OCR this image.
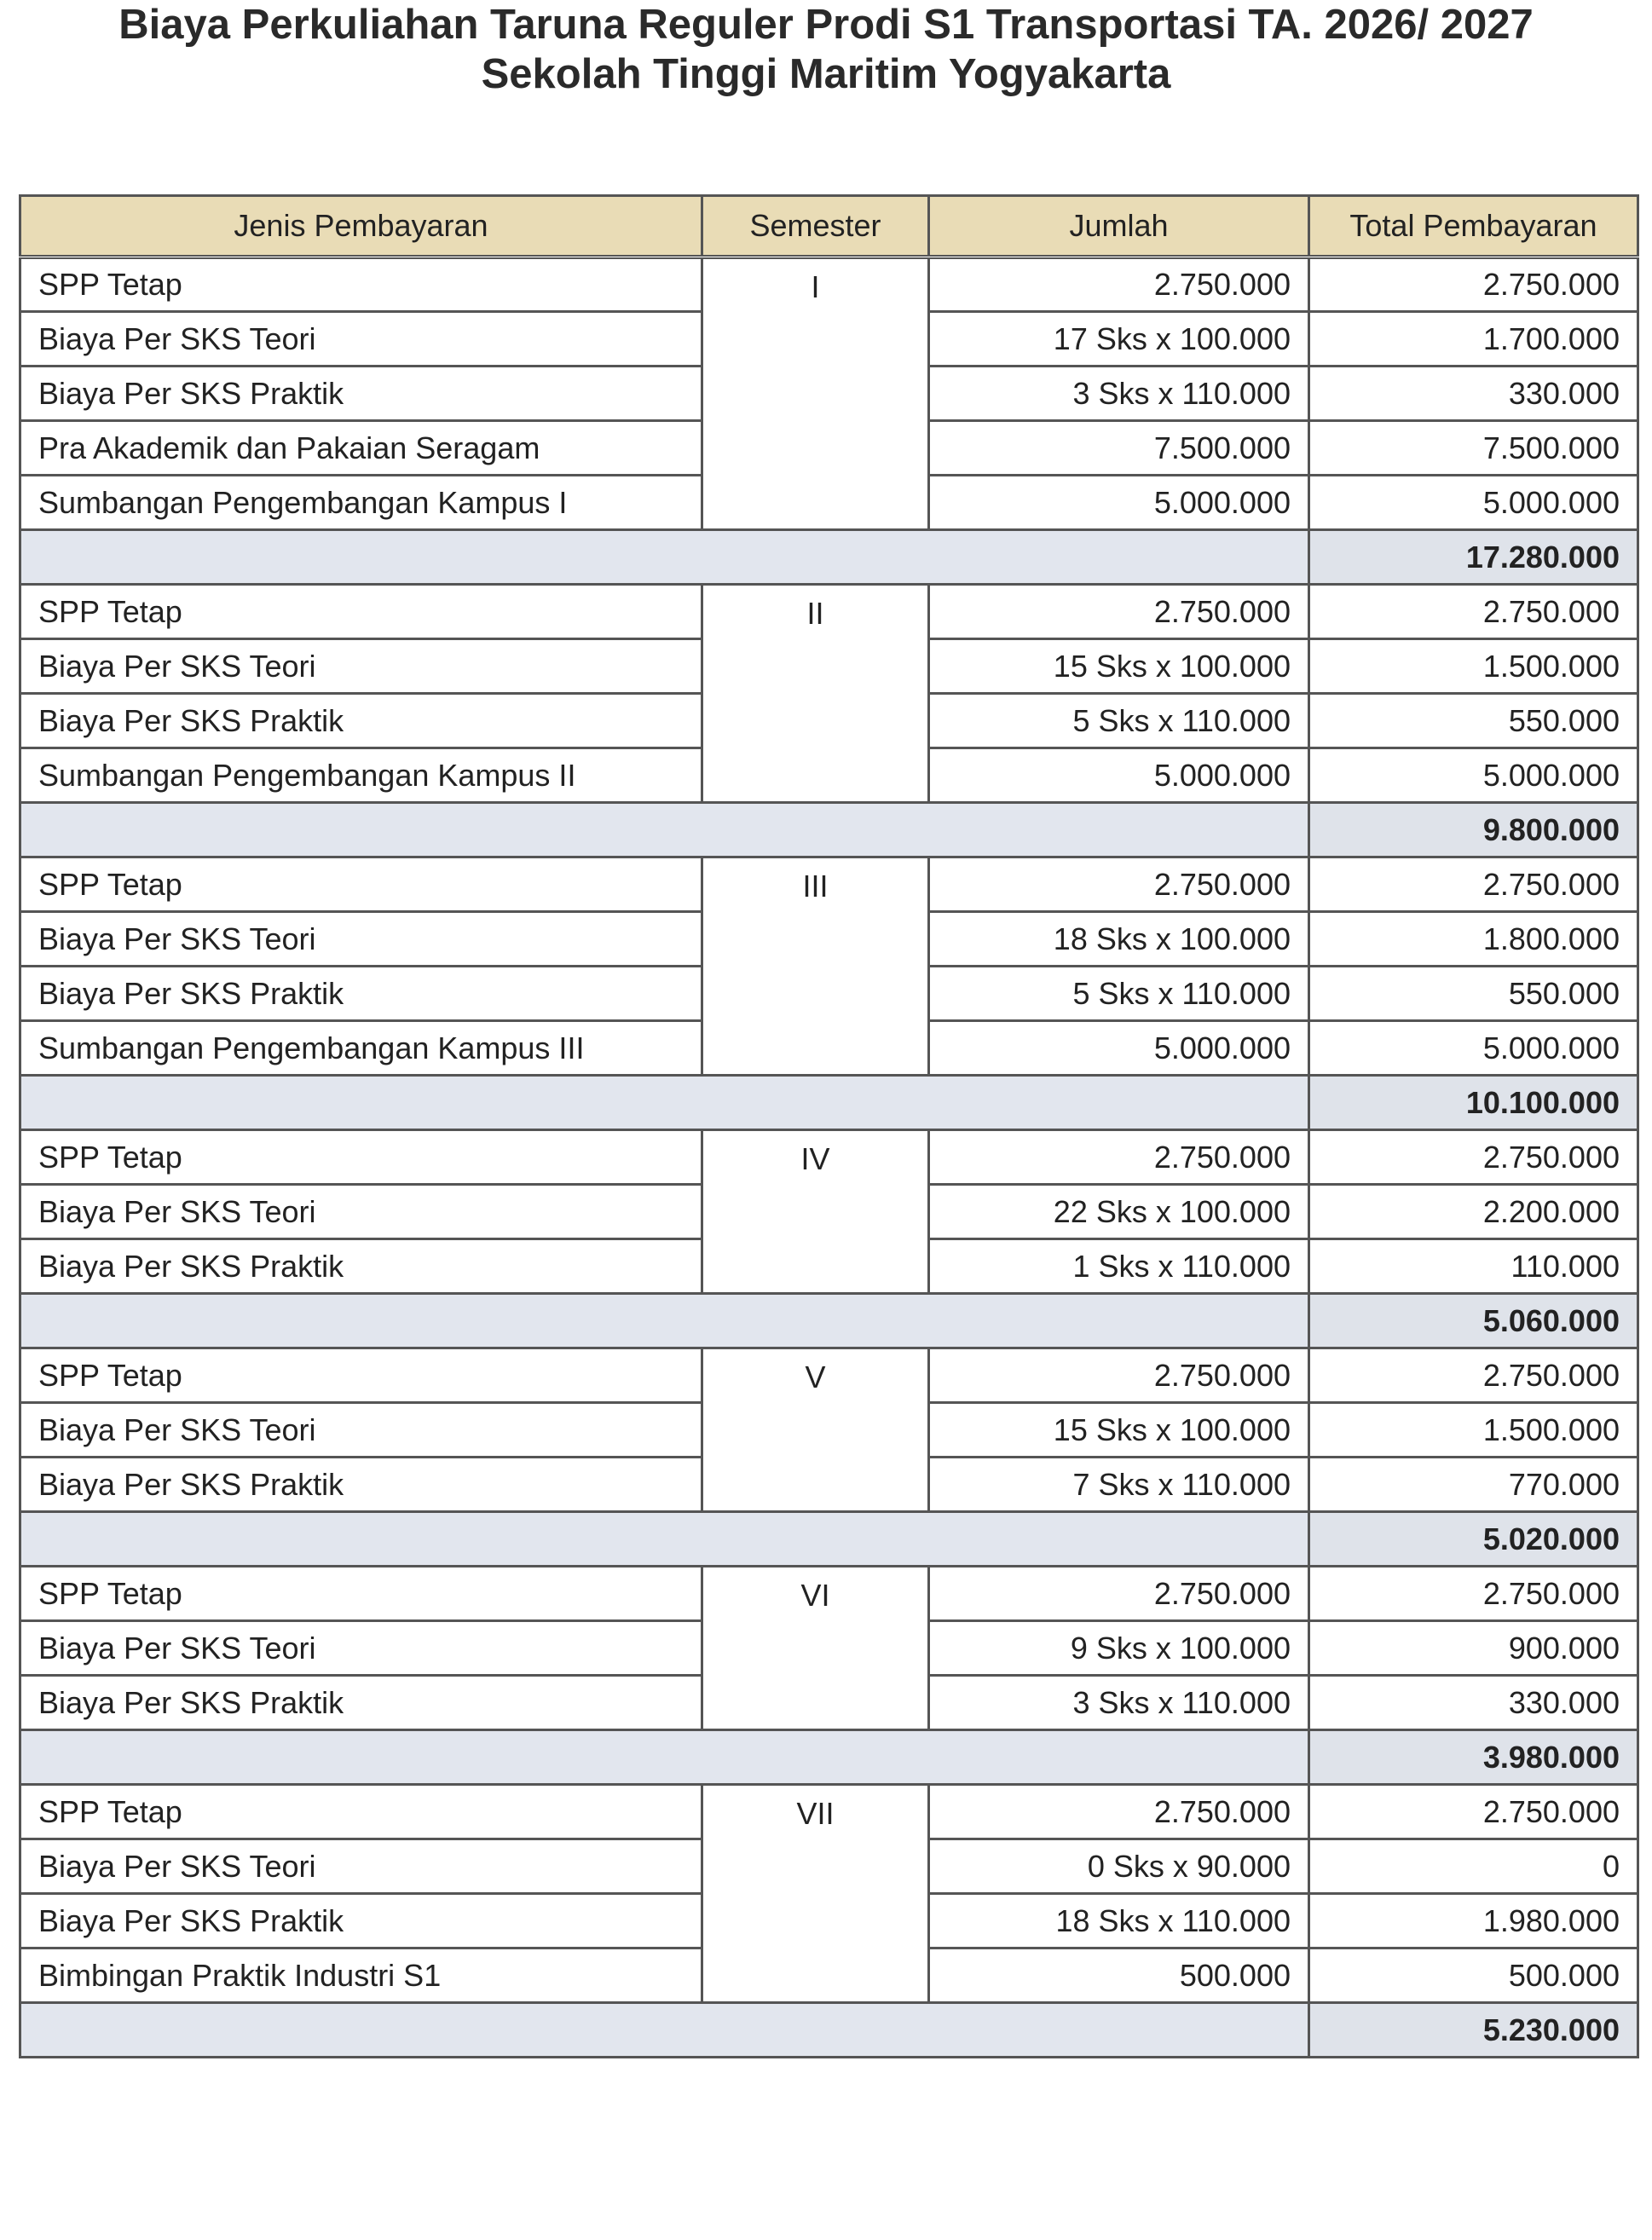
Biaya Perkuliahan Taruna Reguler Prodi S1 Transportasi TA. 2026/ 2027
Sekolah Tinggi Maritim Yogyakarta
Jenis Pembayaran	Semester	Jumlah	Total Pembayaran
SPP Tetap	I	2.750.000	2.750.000
Biaya Per SKS Teori		17 Sks x 100.000	1.700.000
Biaya Per SKS Praktik		3 Sks x 110.000	330.000
Pra Akademik dan Pakaian Seragam		7.500.000	7.500.000
Sumbangan Pengembangan Kampus I		5.000.000	5.000.000
			17.280.000
SPP Tetap	II	2.750.000	2.750.000
Biaya Per SKS Teori		15 Sks x 100.000	1.500.000
Biaya Per SKS Praktik		5 Sks x 110.000	550.000
Sumbangan Pengembangan Kampus II		5.000.000	5.000.000
			9.800.000
SPP Tetap	III	2.750.000	2.750.000
Biaya Per SKS Teori		18 Sks x 100.000	1.800.000
Biaya Per SKS Praktik		5 Sks x 110.000	550.000
Sumbangan Pengembangan Kampus III		5.000.000	5.000.000
			10.100.000
SPP Tetap	IV	2.750.000	2.750.000
Biaya Per SKS Teori		22 Sks x 100.000	2.200.000
Biaya Per SKS Praktik		1 Sks x 110.000	110.000
			5.060.000
SPP Tetap	V	2.750.000	2.750.000
Biaya Per SKS Teori		15 Sks x 100.000	1.500.000
Biaya Per SKS Praktik		7 Sks x 110.000	770.000
			5.020.000
SPP Tetap	VI	2.750.000	2.750.000
Biaya Per SKS Teori		9 Sks x 100.000	900.000
Biaya Per SKS Praktik		3 Sks x 110.000	330.000
			3.980.000
SPP Tetap	VII	2.750.000	2.750.000
Biaya Per SKS Teori		0 Sks x 90.000	0
Biaya Per SKS Praktik		18 Sks x 110.000	1.980.000
Bimbingan Praktik Industri S1		500.000	500.000
			5.230.000
